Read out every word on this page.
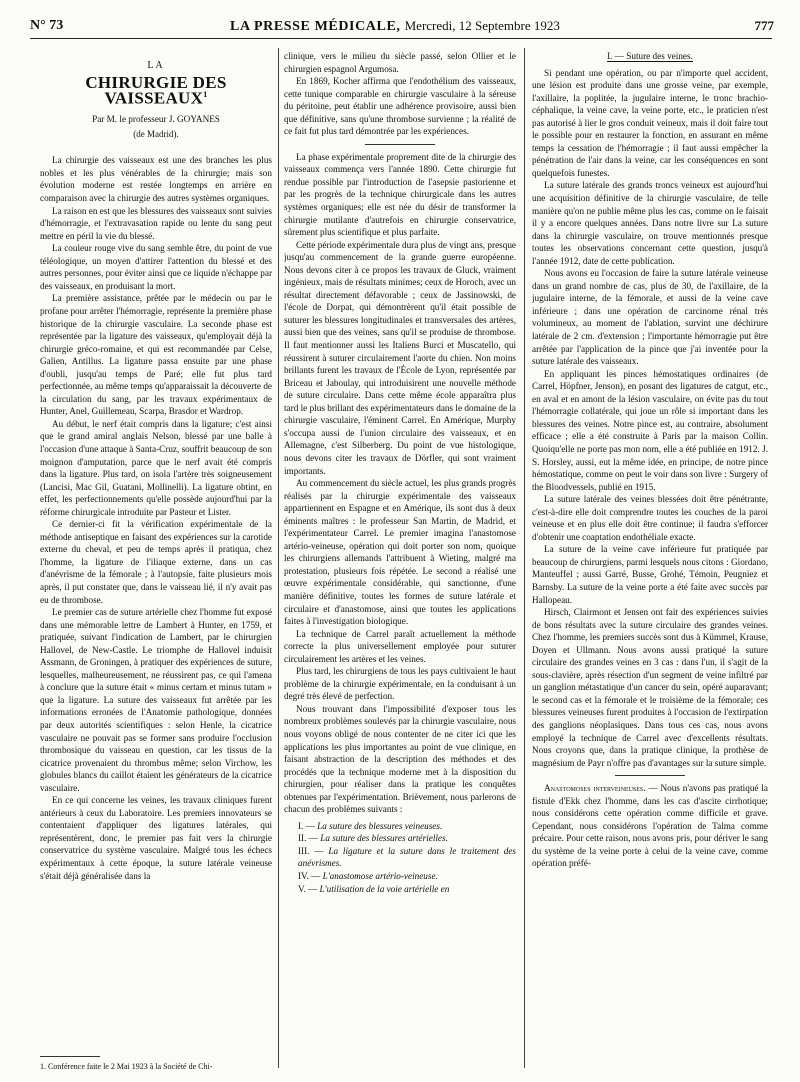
N° 73	LA PRESSE MÉDICALE, Mercredi, 12 Septembre 1923	777
LA
CHIRURGIE DES VAISSEAUX$^1$
Par M. le professeur J. GOYANES
(de Madrid).

La chirurgie des vaisseaux est une des branches les plus nobles et les plus vénérables de la chirurgie; mais son évolution moderne est restée longtemps en arrière en comparaison avec la chirurgie des autres systèmes organiques.

La raison en est que les blessures des vaisseaux sont suivies d'hémorragie, et l'extravasation rapide ou lente du sang peut mettre en péril la vie du blessé.

La couleur rouge vive du sang semble être, du point de vue téléologique, un moyen d'attirer l'attention du blessé et des autres personnes, pour éviter ainsi que ce liquide n'échappe par des vaisseaux, en produisant la mort.

La première assistance, prêtée par le médecin ou par le profane pour arrêter l'hémorragie, représente la première phase historique de la chirurgie vasculaire. La seconde phase est représentée par la ligature des vaisseaux, qu'employait déjà la chirurgie gréco-romaine, et qui est recommandée par Celse, Galien, Antillus. La ligature passa ensuite par une phase d'oubli, jusqu'au temps de Paré; elle fut plus tard perfectionnée, au même temps qu'apparaissait la découverte de la circulation du sang, par les travaux expérimentaux de Hunter, Anel, Guillemeau, Scarpa, Brasdor et Wardrop.

Au début, le nerf était compris dans la ligature; c'est ainsi que le grand amiral anglais Nelson, blessé par une balle à l'occasion d'une attaque à Santa-Cruz, souffrit beaucoup de son moignon d'amputation, parce que le nerf avait été compris dans la ligature. Plus tard, on isola l'artère très soigneusement (Lancisi, Mac Gil, Guatani, Mollinelli). La ligature obtint, en effet, les perfectionnements qu'elle possède aujourd'hui par la réforme chirurgicale introduite par Pasteur et Lister.

Ce dernier-ci fit la vérification expérimentale de la méthode antiseptique en faisant des expériences sur la carotide externe du cheval, et peu de temps après il pratiqua, chez l'homme, la ligature de l'iliaque externe, dans un cas d'anévrisme de la fémorale ; à l'autopsie, faite plusieurs mois après, il put constater que, dans le vaisseau lié, il n'y avait pas eu de thrombose.

Le premier cas de suture artérielle chez l'homme fut exposé dans une mémorable lettre de Lambert à Hunter, en 1759, et pratiquée, suivant l'indication de Lambert, par le chirurgien Hallovel, de New-Castle. Le triomphe de Hallovel induisit Assmann, de Groningen, à pratiquer des expériences de suture, lesquelles, malheureusement, ne réussirent pas, ce qui l'amena à conclure que la suture était « minus certam et minus tutam » que la ligature. La suture des vaisseaux fut arrêtée par les informations erronées de l'Anatomie pathologique, données par deux autorités scientifiques : selon Henle, la cicatrice vasculaire ne pouvait pas se former sans produire l'occlusion thrombosique du vaisseau en question, car les tissus de la cicatrice provenaient du thrombus même; selon Virchow, les globules blancs du caillot étaient les générateurs de la cicatrice vasculaire.

En ce qui concerne les veines, les travaux cliniques furent antérieurs à ceux du Laboratoire. Les premiers innovateurs se contentaient d'appliquer des ligatures latérales, qui représentèrent, donc, le premier pas fait vers la chirurgie conservatrice du système vasculaire. Malgré tous les échecs expérimentaux à cette époque, la suture latérale veineuse s'était déjà généralisée dans la

clinique, vers le milieu du siècle passé, selon Ollier et le chirurgien espagnol Argumosa.

En 1869, Kocher affirma que l'endothélium des vaisseaux, cette tunique comparable en chirurgie vasculaire à la séreuse du péritoine, peut établir une adhérence provisoire, aussi bien que définitive, sans qu'une thrombose survienne ; la réalité de ce fait fut plus tard démontrée par les expériences.

La phase expérimentale proprement dite de la chirurgie des vaisseaux commença vers l'année 1890. Cette chirurgie fut rendue possible par l'introduction de l'asepsie pastorienne et par les progrès de la technique chirurgicale dans les autres systèmes organiques; elle est née du désir de transformer la chirurgie mutilante d'autrefois en chirurgie conservatrice, sûrement plus scientifique et plus parfaite.

Cette période expérimentale dura plus de vingt ans, presque jusqu'au commencement de la grande guerre européenne. Nous devons citer à ce propos les travaux de Gluck, vraiment ingénieux, mais de résultats minimes; ceux de Horoch, avec un résultat directement défavorable ; ceux de Jassinowski, de l'école de Dorpat, qui démontrèrent qu'il était possible de suturer les blessures longitudinales et transversales des artères, aussi bien que des veines, sans qu'il se produise de thrombose. Il faut mentionner aussi les Italiens Burci et Muscatello, qui réussirent à suturer circulairement l'aorte du chien. Non moins brillants furent les travaux de l'École de Lyon, représentée par Briceau et Jaboulay, qui introduisirent une nouvelle méthode de suture circulaire. Dans cette même école apparaîtra plus tard le plus brillant des expérimentateurs dans le domaine de la chirurgie vasculaire, l'éminent Carrel. En Amérique, Murphy s'occupa aussi de l'union circulaire des vaisseaux, et en Allemagne, c'est Silberberg. Du point de vue histologique, nous devons citer les travaux de Dörfler, qui sont vraiment importants.

Au commencement du siècle actuel, les plus grands progrès réalisés par la chirurgie expérimentale des vaisseaux appartiennent en Espagne et en Amérique, ils sont dus à deux éminents maîtres : le professeur San Martin, de Madrid, et l'expérimentateur Carrel. Le premier imagina l'anastomose artério-veineuse, opération qui doit porter son nom, quoique les chirurgiens allemands l'attribuent à Wieting, malgré ma protestation, plusieurs fois répétée. Le second a réalisé une œuvre expérimentale considérable, qui sanctionne, d'une manière définitive, toutes les formes de suture latérale et circulaire et d'anastomose, ainsi que toutes les applications faites à l'investigation biologique.

La technique de Carrel paraît actuellement la méthode correcte la plus universellement employée pour suturer circulairement les artères et les veines.

Plus tard, les chirurgiens de tous les pays cultivaient le haut problème de la chirurgie expérimentale, en la conduisant à un degré très élevé de perfection.

Nous trouvant dans l'impossibilité d'exposer tous les nombreux problèmes soulevés par la chirurgie vasculaire, nous nous voyons obligé de nous contenter de ne citer ici que les applications les plus importantes au point de vue clinique, en faisant abstraction de la description des méthodes et des procédés que la technique moderne met à la disposition du chirurgien, pour réaliser dans la pratique les conquêtes obtenues par l'expérimentation. Brièvement, nous parlerons de chacun des problèmes suivants :

I. — La suture des blessures veineuses.
II. — La suture des blessures artérielles.
III. — La ligature et la suture dans le traitement des anévrismes.
IV. — L'anastomose artério-veineuse.
V. — L'utilisation de la voie artérielle en
I. — Suture des veines.

Si pendant une opération, ou par n'importe quel accident, une lésion est produite dans une grosse veine, par exemple, l'axillaire, la poplitée, la jugulaire interne, le tronc brachio-céphalique, la veine cave, la veine porte, etc., le praticien n'est pas autorisé à lier le gros conduit veineux, mais il doit faire tout le possible pour en restaurer la fonction, en assurant en même temps la cessation de l'hémorragie ; il faut aussi empêcher la pénétration de l'air dans la veine, car les conséquences en sont quelquefois funestes.

La suture latérale des grands troncs veineux est aujourd'hui une acquisition définitive de la chirurgie vasculaire, de telle manière qu'on ne publie même plus les cas, comme on le faisait il y a encore quelques années. Dans notre livre sur La suture dans la chirurgie vasculaire, on trouve mentionnés presque toutes les observations concernant cette question, jusqu'à l'année 1912, date de cette publication.

Nous avons eu l'occasion de faire la suture latérale veineuse dans un grand nombre de cas, plus de 30, de l'axillaire, de la jugulaire interne, de la fémorale, et aussi de la veine cave inférieure ; dans une opération de carcinome rénal très volumineux, au moment de l'ablation, survint une déchirure latérale de 2 cm. d'extension ; l'importante hémorragie put être arrêtée par l'application de la pince que j'ai inventée pour la suture latérale des vaisseaux.

En appliquant les pinces hémostatiques ordinaires (de Carrel, Höpfner, Jenson), en posant des ligatures de catgut, etc., en aval et en amont de la lésion vasculaire, on évite pas du tout l'hémorragie collatérale, qui joue un rôle si important dans les blessures des veines. Notre pince est, au contraire, absolument efficace ; elle a été construite à Paris par la maison Collin. Quoiqu'elle ne porte pas mon nom, elle a été publiée en 1912. J. S. Horsley, aussi, eut la même idée, en principe, de notre pince hémostatique, comme on peut le voir dans son livre : Surgery of the Bloodvessels, publié en 1915.

La suture latérale des veines blessées doit être pénétrante, c'est-à-dire elle doit comprendre toutes les couches de la paroi veineuse et en plus elle doit être continue; il faudra s'efforcer d'obtenir une coaptation endothéliale exacte.

La suture de la veine cave inférieure fut pratiquée par beaucoup de chirurgiens, parmi lesquels nous citons : Giordano, Manteuffel ; aussi Garré, Busse, Grohé, Témoin, Peugniez et Barnsby. La suture de la veine porte a été faite avec succès par Hallopeau.

Hirsch, Clairmont et Jensen ont fait des expériences suivies de bons résultats avec la suture circulaire des grandes veines. Chez l'homme, les premiers succès sont dus à Kümmel, Krause, Doyen et Ullmann. Nous avons aussi pratiqué la suture circulaire des grandes veines en 3 cas : dans l'un, il s'agit de la sous-clavière, après résection d'un segment de veine infiltré par un ganglion métastatique d'un cancer du sein, opéré auparavant; le second cas et la fémorale et le troisième de la fémorale; ces blessures veineuses furent produites à l'occasion de l'extirpation des ganglions néoplasiques. Dans tous ces cas, nous avons employé la technique de Carrel avec d'excellents résultats. Nous croyons que, dans la pratique clinique, la prothèse de magnésium de Payr n'offre pas d'avantages sur la suture simple.

Anastomoses interveineuses. — Nous n'avons pas pratiqué la fistule d'Ekk chez l'homme, dans les cas d'ascite cirrhotique; nous considérons cette opération comme difficile et grave. Cependant, nous considérons l'opération de Talma comme précaire. Pour cette raison, nous avons pris, pour dériver le sang du système de la veine porte à celui de la veine cave, comme opération préfé-

1. Conférence faite le 2 Mai 1923 à la Société de Chi-
